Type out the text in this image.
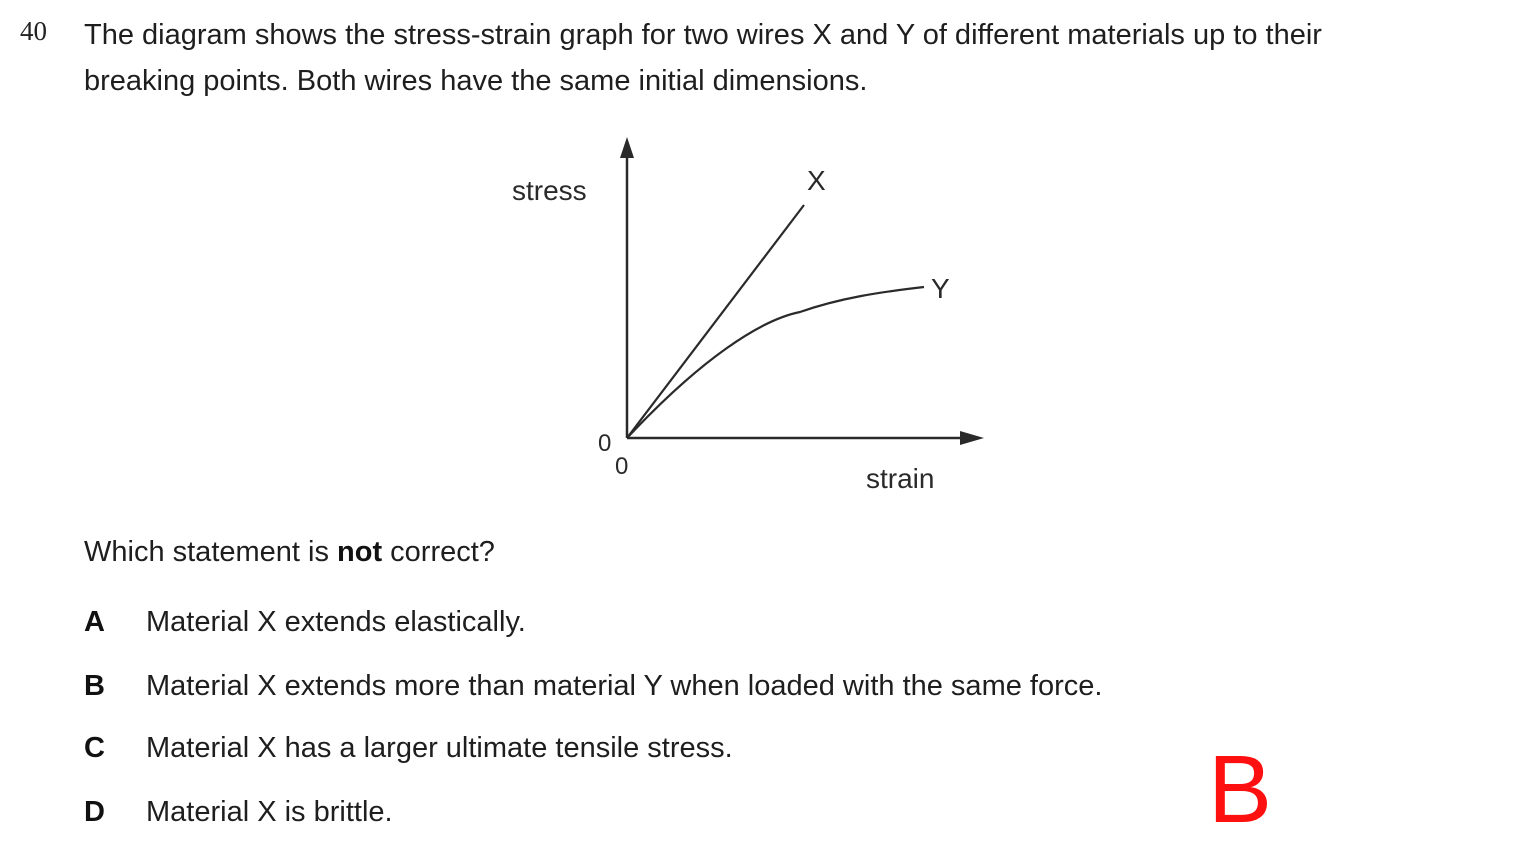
40 The diagram shows the stress-strain graph for two wires X and Y of different materials up to their
breaking points. Both wires have the same initial dimensions.
stress
strain
0
0
X
Y
Which statement is not correct?
A Material X extends elastically.
B Material X extends more than material Y when loaded with the same force.
C Material X has a larger ultimate tensile stress.
D Material X is brittle.	B
